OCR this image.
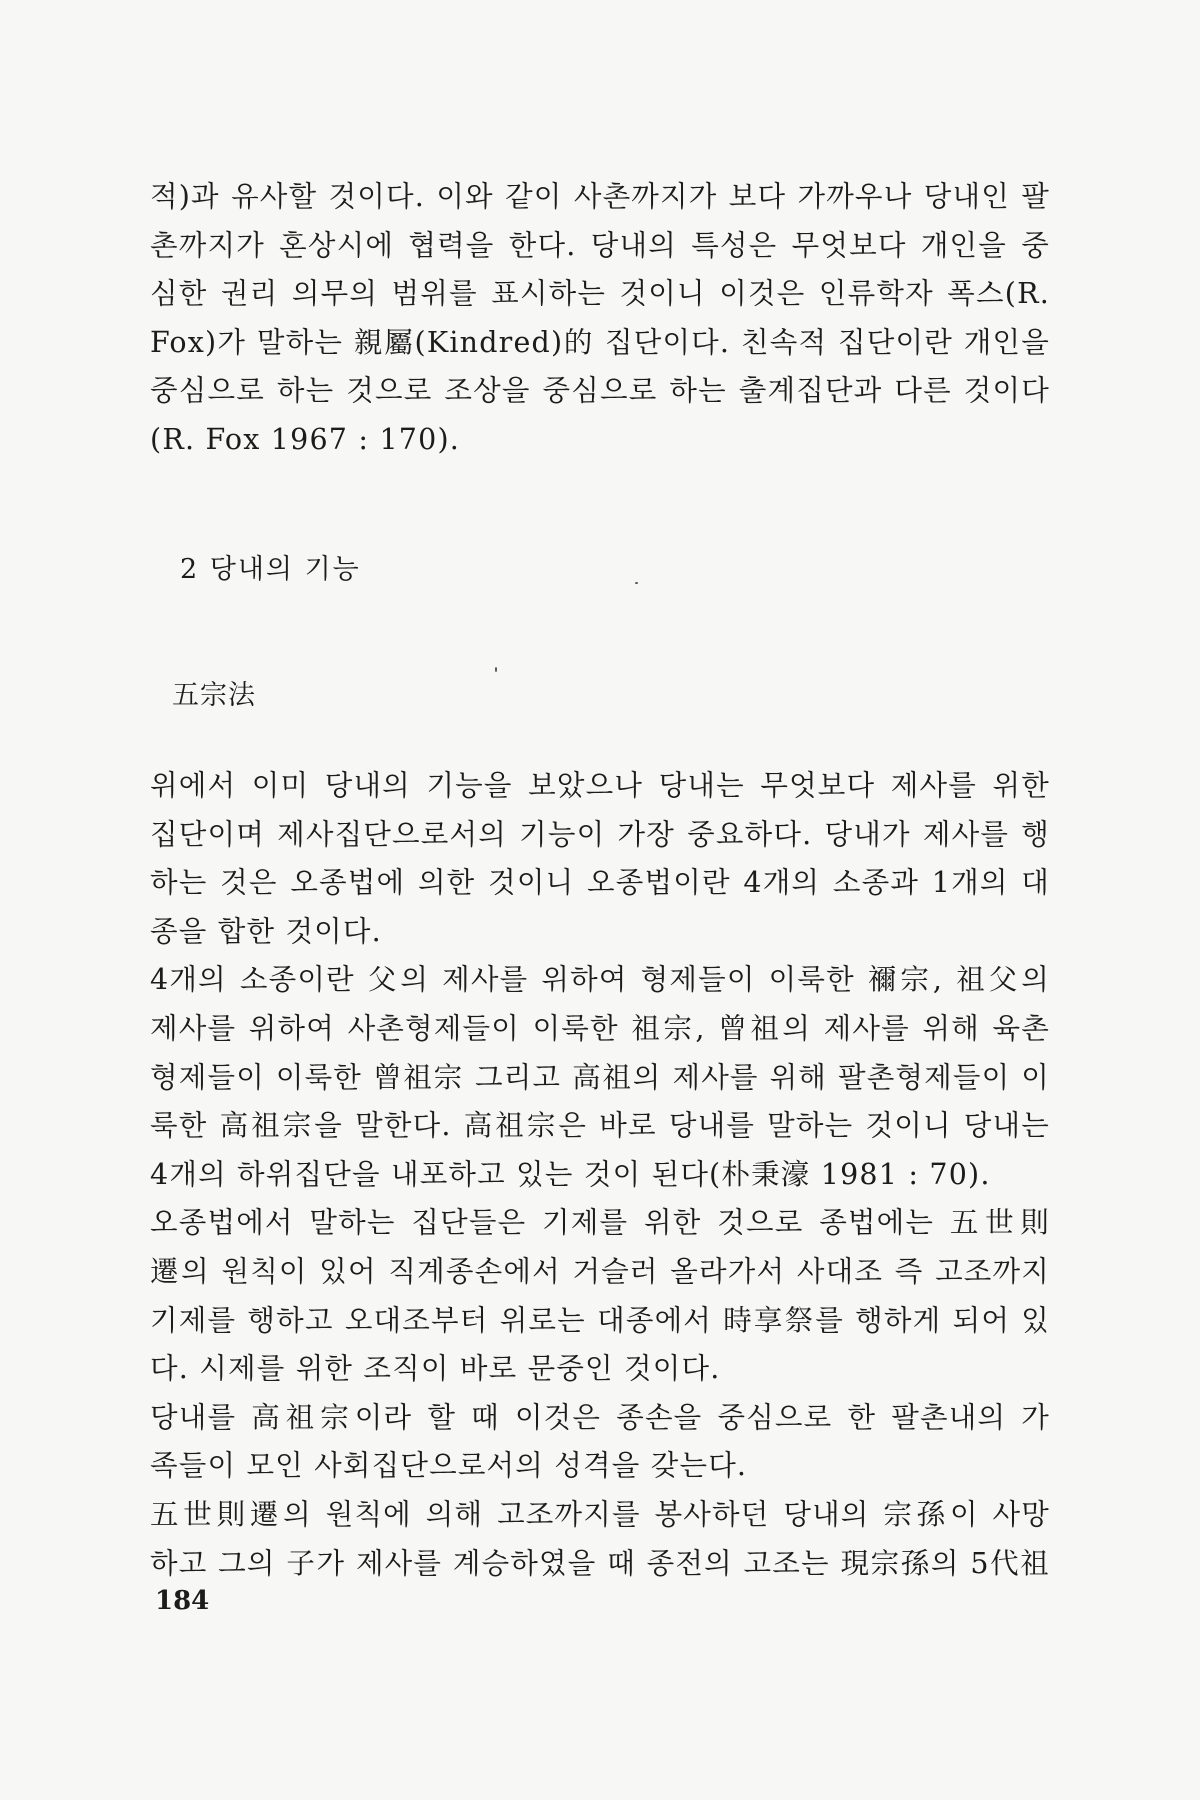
적)과 유사할 것이다. 이와 같이 사촌까지가 보다 가까우나 당내인 팔
촌까지가 혼상시에 협력을 한다. 당내의 특성은 무엇보다 개인을 중
심한 권리 의무의 범위를 표시하는 것이니 이것은 인류학자 폭스(R.
Fox)가 말하는 親屬(Kindred)的 집단이다. 친속적 집단이란 개인을
중심으로 하는 것으로 조상을 중심으로 하는 출계집단과 다른 것이다
(R. Fox 1967 : 170).
2 당내의 기능
五宗法
위에서 이미 당내의 기능을 보았으나 당내는 무엇보다 제사를 위한
집단이며 제사집단으로서의 기능이 가장 중요하다. 당내가 제사를 행
하는 것은 오종법에 의한 것이니 오종법이란 4개의 소종과 1개의 대
종을 합한 것이다.
4개의 소종이란 父의 제사를 위하여 형제들이 이룩한 禰宗, 祖父의
제사를 위하여 사촌형제들이 이룩한 祖宗, 曾祖의 제사를 위해 육촌
형제들이 이룩한 曾祖宗 그리고 高祖의 제사를 위해 팔촌형제들이 이
룩한 高祖宗을 말한다. 高祖宗은 바로 당내를 말하는 것이니 당내는
4개의 하위집단을 내포하고 있는 것이 된다(朴秉濠 1981 : 70).
오종법에서 말하는 집단들은 기제를 위한 것으로 종법에는 五世則
遷의 원칙이 있어 직계종손에서 거슬러 올라가서 사대조 즉 고조까지
기제를 행하고 오대조부터 위로는 대종에서 時享祭를 행하게 되어 있
다. 시제를 위한 조직이 바로 문중인 것이다.
당내를 高祖宗이라 할 때 이것은 종손을 중심으로 한 팔촌내의 가
족들이 모인 사회집단으로서의 성격을 갖는다.
五世則遷의 원칙에 의해 고조까지를 봉사하던 당내의 宗孫이 사망
하고 그의 子가 제사를 계승하였을 때 종전의 고조는 現宗孫의 5代祖
184
